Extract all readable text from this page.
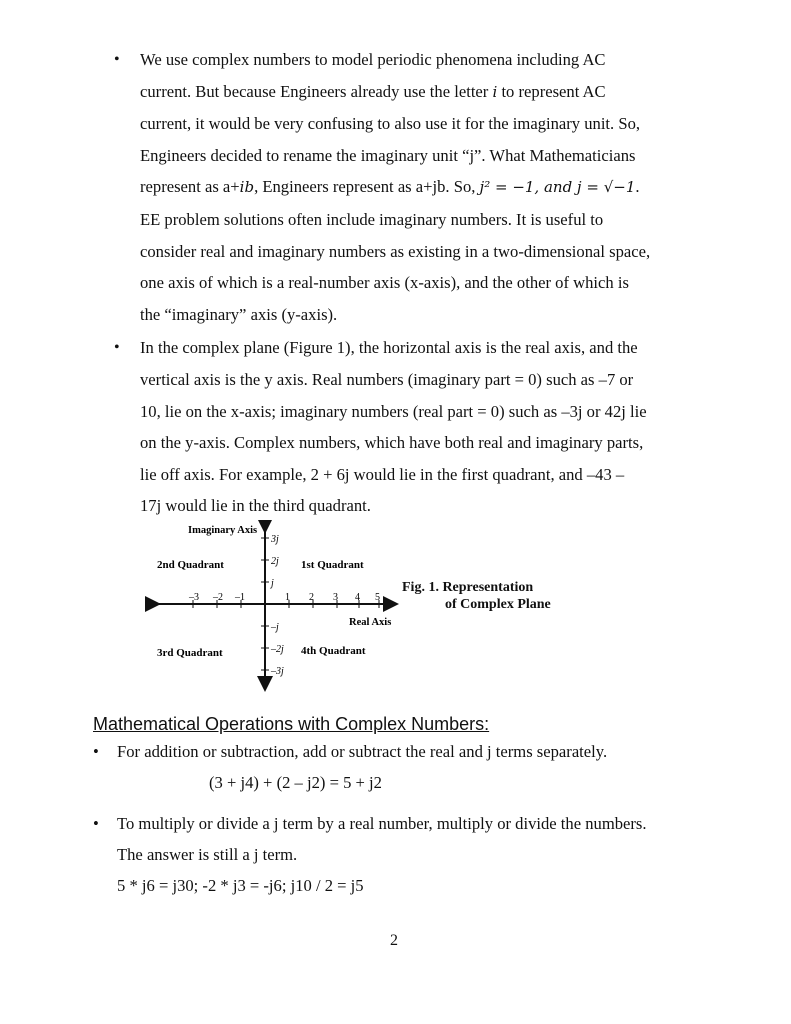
• We use complex numbers to model periodic phenomena including AC
current. But because Engineers already use the letter i to represent AC
current, it would be very confusing to also use it for the imaginary unit. So,
Engineers decided to rename the imaginary unit “j”. What Mathematicians
represent as a+ib, Engineers represent as a+jb. So, j² = −1, and j = √−1.
EE problem solutions often include imaginary numbers. It is useful to
consider real and imaginary numbers as existing in a two-dimensional space,
one axis of which is a real-number axis (x-axis), and the other of which is
the “imaginary” axis (y-axis).
• In the complex plane (Figure 1), the horizontal axis is the real axis, and the
vertical axis is the y axis. Real numbers (imaginary part = 0) such as –7 or
10, lie on the x-axis; imaginary numbers (real part = 0) such as –3j or 42j lie
on the y-axis. Complex numbers, which have both real and imaginary parts,
lie off axis. For example, 2 + 6j would lie in the first quadrant, and –43 –
17j would lie in the third quadrant.
Imaginary Axis
Real Axis
–3 –2 –1	1 2 3 4 5
3j
2j
j
–j
–2j
–3j
2nd Quadrant	1st Quadrant
3rd Quadrant	4th Quadrant
Fig. 1. Representation
of Complex Plane
Mathematical Operations with Complex Numbers:
• For addition or subtraction, add or subtract the real and j terms separately.
(3 + j4) + (2 – j2) = 5 + j2
• To multiply or divide a j term by a real number, multiply or divide the numbers.
The answer is still a j term.
5 * j6 = j30; -2 * j3 = -j6; j10 / 2 = j5
2
